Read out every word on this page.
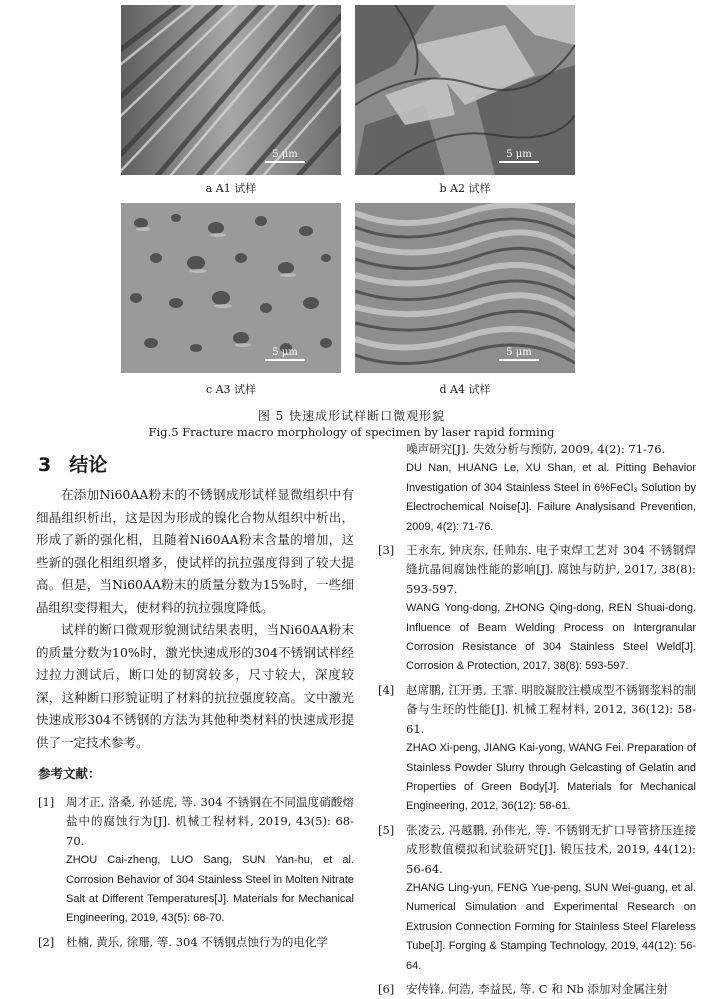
5 μm
a A1 试样
5 μm
b A2 试样
5 μm
c A3 试样
5 μm
d A4 试样
图 5 快速成形试样断口微观形貌
Fig.5 Fracture macro morphology of specimen by laser rapid forming
3 结论

在添加Ni60AA粉末的不锈钢成形试样显微组织中有细晶组织析出，这是因为形成的镍化合物从组织中析出，形成了新的强化相，且随着Ni60AA粉末含量的增加，这些新的强化相组织增多，使试样的抗拉强度得到了较大提高。但是，当Ni60AA粉末的质量分数为15%时，一些细晶组织变得粗大，使材料的抗拉强度降低。

试样的断口微观形貌测试结果表明，当Ni60AA粉末的质量分数为10%时，激光快速成形的304不锈钢试样经过拉力测试后，断口处的韧窝较多，尺寸较大，深度较深，这种断口形貌证明了材料的抗拉强度较高。文中激光快速成形304不锈钢的方法为其他种类材料的快速成形提供了一定技术参考。

参考文献：
[1] 周才正, 洛桑, 孙延虎, 等. 304 不锈钢在不同温度硝酸熔盐中的腐蚀行为[J]. 机械工程材料, 2019, 43(5): 68-70.
ZHOU Cai-zheng, LUO Sang, SUN Yan-hu, et al. Corrosion Behavior of 304 Stainless Steel in Molten Nitrate Salt at Different Temperatures[J]. Materials for Mechanical Engineering, 2019, 43(5): 68-70.
[2] 杜楠, 黄乐, 徐珊, 等. 304 不锈钢点蚀行为的电化学
噪声研究[J]. 失效分析与预防, 2009, 4(2): 71-76.
DU Nan, HUANG Le, XU Shan, et al. Pitting Behavior Investigation of 304 Stainless Steel in 6%FeCl₃ Solution by Electrochemical Noise[J]. Failure Analysisand Prevention, 2009, 4(2): 71-76.
[3] 王永东, 钟庆东, 任帅东. 电子束焊工艺对 304 不锈钢焊缝抗晶间腐蚀性能的影响[J]. 腐蚀与防护, 2017, 38(8): 593-597.
WANG Yong-dong, ZHONG Qing-dong, REN Shuai-dong. Influence of Beam Welding Process on Intergranular Corrosion Resistance of 304 Stainless Steel Weld[J]. Corrosion & Protection, 2017, 38(8): 593-597.
[4] 赵席鹏, 江开勇, 王霏. 明胶凝胶注模成型不锈钢浆料的制备与生坯的性能[J]. 机械工程材料, 2012, 36(12): 58-61.
ZHAO Xi-peng, JIANG Kai-yong, WANG Fei. Preparation of Stainless Powder Slurry through Gelcasting of Gelatin and Properties of Green Body[J]. Materials for Mechanical Engineering, 2012, 36(12): 58-61.
[5] 张凌云, 冯越鹏, 孙伟光, 等. 不锈钢无扩口导管挤压连接成形数值模拟和试验研究[J]. 锻压技术, 2019, 44(12): 56-64.
ZHANG Ling-yun, FENG Yue-peng, SUN Wei-guang, et al. Numerical Simulation and Experimental Research on Extrusion Connection Forming for Stainless Steel Flareless Tube[J]. Forging & Stamping Technology, 2019, 44(12): 56-64.
[6] 安传锋, 何浩, 李益民, 等. C 和 Nb 添加对金属注射
